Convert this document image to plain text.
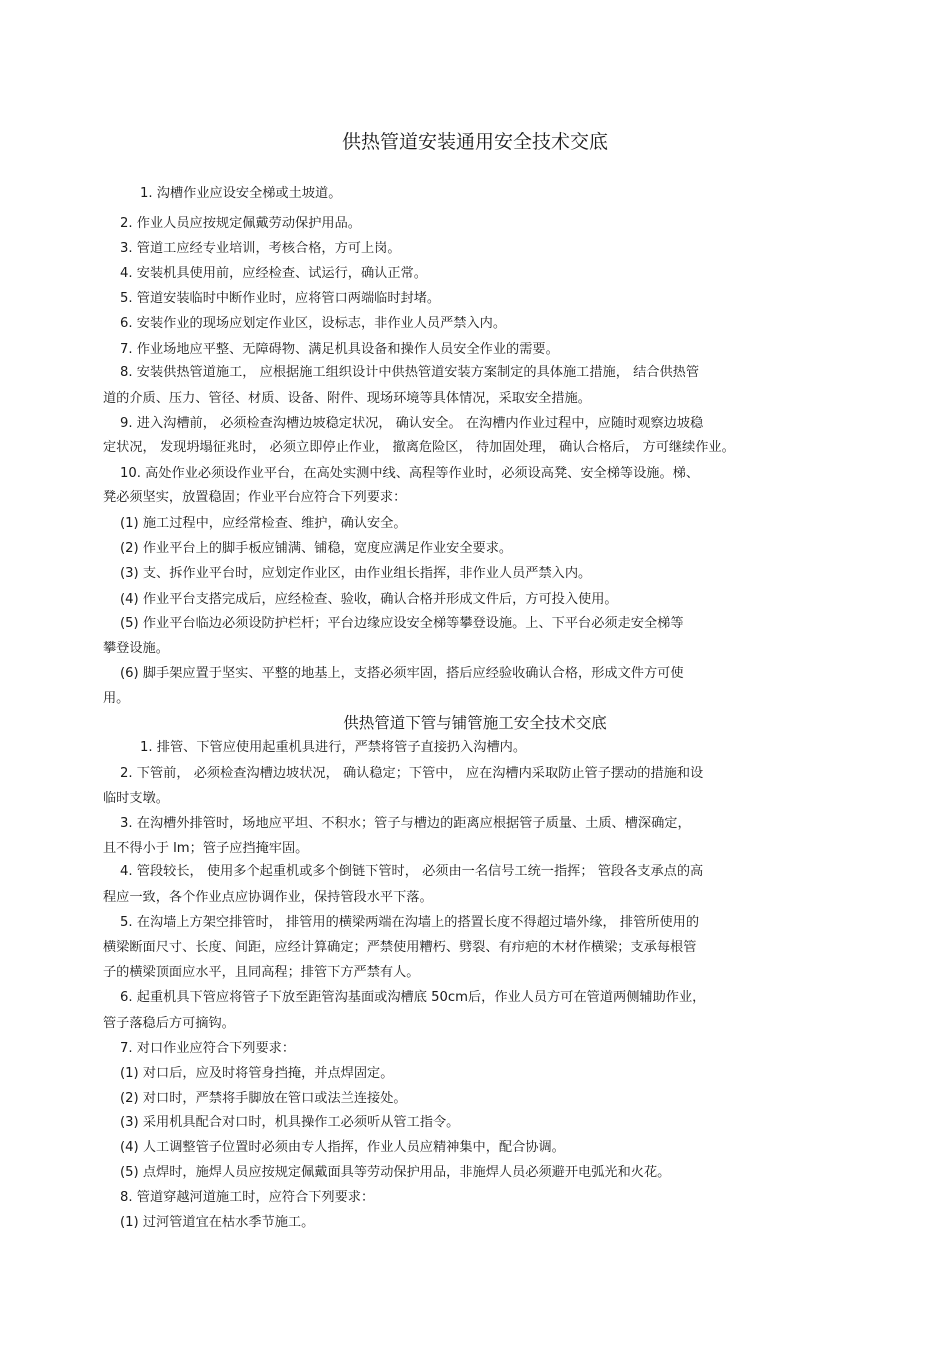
供热管道安装通用安全技术交底
1. 沟槽作业应设安全梯或土坡道。
2. 作业人员应按规定佩戴劳动保护用品。
3. 管道工应经专业培训，考核合格，方可上岗。
4. 安装机具使用前，应经检查、试运行，确认正常。
5. 管道安装临时中断作业时，应将管口两端临时封堵。
6. 安装作业的现场应划定作业区，设标志，非作业人员严禁入内。
7. 作业场地应平整、无障碍物、满足机具设备和操作人员安全作业的需要。
8. 安装供热管道施工， 应根据施工组织设计中供热管道安装方案制定的具体施工措施， 结合供热管
道的介质、压力、管径、材质、设备、附件、现场环境等具体情况，采取安全措施。
9. 进入沟槽前， 必须检查沟槽边坡稳定状况， 确认安全。 在沟槽内作业过程中，应随时观察边坡稳
定状况， 发现坍塌征兆时， 必须立即停止作业， 撤离危险区， 待加固处理， 确认合格后， 方可继续作业。
10. 高处作业必须设作业平台，在高处实测中线、高程等作业时，必须设高凳、安全梯等设施。梯、
凳必须坚实，放置稳固；作业平台应符合下列要求：
(1) 施工过程中，应经常检查、维护，确认安全。
(2) 作业平台上的脚手板应铺满、铺稳，宽度应满足作业安全要求。
(3) 支、拆作业平台时，应划定作业区，由作业组长指挥，非作业人员严禁入内。
(4) 作业平台支搭完成后，应经检查、验收，确认合格并形成文件后，方可投入使用。
(5) 作业平台临边必须设防护栏杆；平台边缘应设安全梯等攀登设施。上、下平台必须走安全梯等
攀登设施。
(6) 脚手架应置于坚实、平整的地基上，支搭必须牢固，搭后应经验收确认合格，形成文件方可使
用。
供热管道下管与铺管施工安全技术交底
1. 排管、下管应使用起重机具进行，严禁将管子直接扔入沟槽内。
2. 下管前， 必须检查沟槽边坡状况， 确认稳定；下管中， 应在沟槽内采取防止管子摆动的措施和设
临时支墩。
3. 在沟槽外排管时，场地应平坦、不积水；管子与槽边的距离应根据管子质量、土质、槽深确定，
且不得小于 lm；管子应挡掩牢固。
4. 管段较长， 使用多个起重机或多个倒链下管时， 必须由一名信号工统一指挥； 管段各支承点的高
程应一致，各个作业点应协调作业，保持管段水平下落。
5. 在沟墙上方架空排管时， 排管用的横梁两端在沟墙上的搭置长度不得超过墙外缘， 排管所使用的
横梁断面尺寸、长度、间距，应经计算确定；严禁使用糟朽、劈裂、有疖疤的木材作横梁；支承每根管
子的横梁顶面应水平，且同高程；排管下方严禁有人。
6. 起重机具下管应将管子下放至距管沟基面或沟槽底 50cm后，作业人员方可在管道两侧辅助作业，
管子落稳后方可摘钩。
7. 对口作业应符合下列要求：
(1) 对口后，应及时将管身挡掩，并点焊固定。
(2) 对口时，严禁将手脚放在管口或法兰连接处。
(3) 采用机具配合对口时，机具操作工必须听从管工指令。
(4) 人工调整管子位置时必须由专人指挥，作业人员应精神集中，配合协调。
(5) 点焊时，施焊人员应按规定佩戴面具等劳动保护用品，非施焊人员必须避开电弧光和火花。
8. 管道穿越河道施工时，应符合下列要求：
(1) 过河管道宜在枯水季节施工。
